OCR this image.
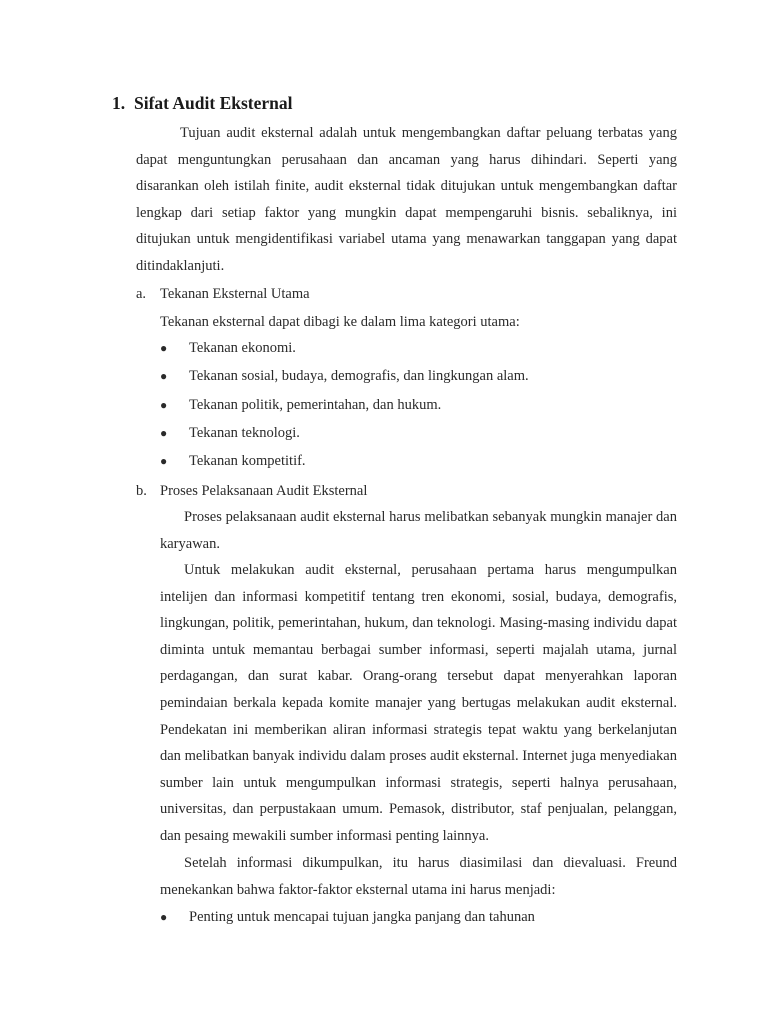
1. Sifat Audit Eksternal
Tujuan audit eksternal adalah untuk mengembangkan daftar peluang terbatas yang dapat menguntungkan perusahaan dan ancaman yang harus dihindari. Seperti yang disarankan oleh istilah finite, audit eksternal tidak ditujukan untuk mengembangkan daftar lengkap dari setiap faktor yang mungkin dapat mempengaruhi bisnis. sebaliknya, ini ditujukan untuk mengidentifikasi variabel utama yang menawarkan tanggapan yang dapat ditindaklanjuti.
a. Tekanan Eksternal Utama
Tekanan eksternal dapat dibagi ke dalam lima kategori utama:
● Tekanan ekonomi.
● Tekanan sosial, budaya, demografis, dan lingkungan alam.
● Tekanan politik, pemerintahan, dan hukum.
● Tekanan teknologi.
● Tekanan kompetitif.
b. Proses Pelaksanaan Audit Eksternal
Proses pelaksanaan audit eksternal harus melibatkan sebanyak mungkin manajer dan karyawan.
Untuk melakukan audit eksternal, perusahaan pertama harus mengumpulkan intelijen dan informasi kompetitif tentang tren ekonomi, sosial, budaya, demografis, lingkungan, politik, pemerintahan, hukum, dan teknologi. Masing-masing individu dapat diminta untuk memantau berbagai sumber informasi, seperti majalah utama, jurnal perdagangan, dan surat kabar. Orang-orang tersebut dapat menyerahkan laporan pemindaian berkala kepada komite manajer yang bertugas melakukan audit eksternal. Pendekatan ini memberikan aliran informasi strategis tepat waktu yang berkelanjutan dan melibatkan banyak individu dalam proses audit eksternal. Internet juga menyediakan sumber lain untuk mengumpulkan informasi strategis, seperti halnya perusahaan, universitas, dan perpustakaan umum. Pemasok, distributor, staf penjualan, pelanggan, dan pesaing mewakili sumber informasi penting lainnya.
Setelah informasi dikumpulkan, itu harus diasimilasi dan dievaluasi. Freund menekankan bahwa faktor-faktor eksternal utama ini harus menjadi:
● Penting untuk mencapai tujuan jangka panjang dan tahunan
